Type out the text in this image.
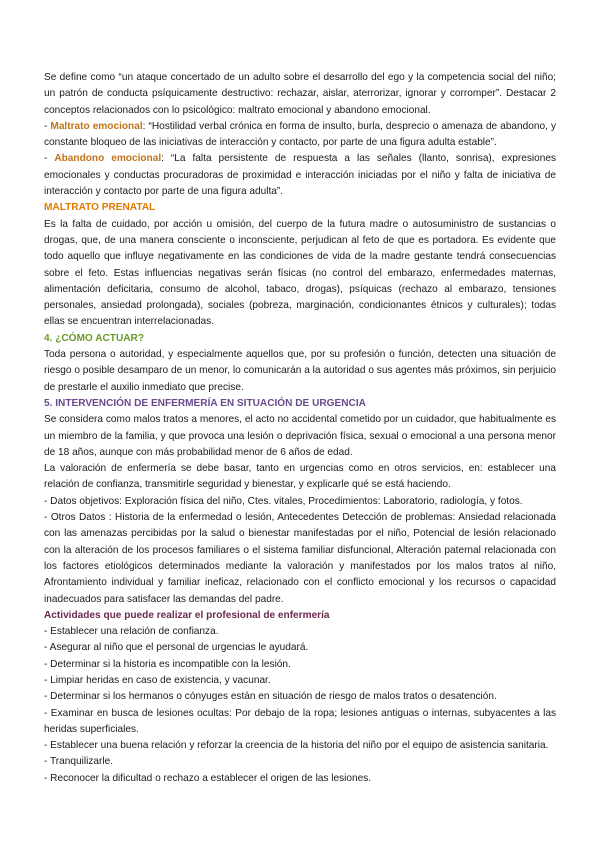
Se define como “un ataque concertado de un adulto sobre el desarrollo del ego y la competencia social del niño; un patrón de conducta psíquicamente destructivo: rechazar, aislar, aterrorizar, ignorar y corromper”. Destacar 2 conceptos relacionados con lo psicológico: maltrato emocional y abandono emocional.

- Maltrato emocional: “Hostilidad verbal crónica en forma de insulto, burla, desprecio o amenaza de abandono, y constante bloqueo de las iniciativas de interacción y contacto, por parte de una figura adulta estable”.

- Abandono emocional: “La falta persistente de respuesta a las señales (llanto, sonrisa), expresiones emocionales y conductas procuradoras de proximidad e interacción iniciadas por el niño y falta de iniciativa de interacción y contacto por parte de una figura adulta”.

MALTRATO PRENATAL

Es la falta de cuidado, por acción u omisión, del cuerpo de la futura madre o autosuministro de sustancias o drogas, que, de una manera consciente o inconsciente, perjudican al feto de que es portadora. Es evidente que todo aquello que influye negativamente en las condiciones de vida de la madre gestante tendrá consecuencias sobre el feto. Estas influencias negativas serán físicas (no control del embarazo, enfermedades maternas, alimentación deficitaria, consumo de alcohol, tabaco, drogas), psíquicas (rechazo al embarazo, tensiones personales, ansiedad prolongada), sociales (pobreza, marginación, condicionantes étnicos y culturales); todas ellas se encuentran interrelacionadas.

4. ¿CÓMO ACTUAR?

Toda persona o autoridad, y especialmente aquellos que, por su profesión o función, detecten una situación de riesgo o posible desamparo de un menor, lo comunicarán a la autoridad o sus agentes más próximos, sin perjuicio de prestarle el auxilio inmediato que precise.

5. INTERVENCIÓN DE ENFERMERÍA EN SITUACIÓN DE URGENCIA

Se considera como malos tratos a menores, el acto no accidental cometido por un cuidador, que habitualmente es un miembro de la familia, y que provoca una lesión o deprivación física, sexual o emocional a una persona menor de 18 años, aunque con más probabilidad menor de 6 años de edad.

La valoración de enfermería se debe basar, tanto en urgencias como en otros servicios, en: establecer una relación de confianza, transmitirle seguridad y bienestar, y explicarle qué se está haciendo.

- Datos objetivos: Exploración física del niño, Ctes. vitales, Procedimientos: Laboratorio, radiología, y fotos.

- Otros Datos : Historia de la enfermedad o lesión, Antecedentes Detección de problemas: Ansiedad relacionada con las amenazas percibidas por la salud o bienestar manifestadas por el niño, Potencial de lesión relacionado con la alteración de los procesos familiares o el sistema familiar disfuncional, Alteración paternal relacionada con los factores etiológicos determinados mediante la valoración y manifestados por los malos tratos al niño, Afrontamiento individual y familiar ineficaz, relacionado con el conflicto emocional y los recursos o capacidad inadecuados para satisfacer las demandas del padre.

Actividades que puede realizar el profesional de enfermería

- Establecer una relación de confianza.
- Asegurar al niño que el personal de urgencias le ayudará.
- Determinar si la historia es incompatible con la lesión.
- Limpiar heridas en caso de existencia, y vacunar.
- Determinar si los hermanos o cónyuges están en situación de riesgo de malos tratos o desatención.
- Examinar en busca de lesiones ocultas: Por debajo de la ropa; lesiones antiguas o internas, subyacentes a las heridas superficiales.
- Establecer una buena relación y reforzar la creencia de la historia del niño por el equipo de asistencia sanitaria.
- Tranquilizarle.
- Reconocer la dificultad o rechazo a establecer el origen de las lesiones.
